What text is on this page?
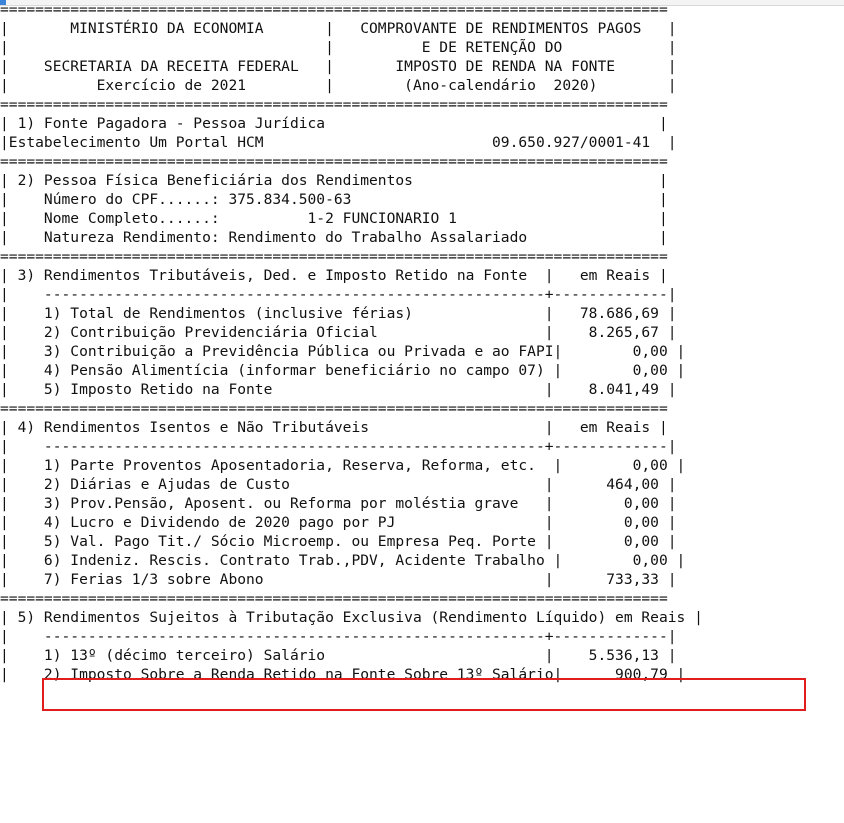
============================================================================
|       MINISTÉRIO DA ECONOMIA       |   COMPROVANTE DE RENDIMENTOS PAGOS   |
|                                    |          E DE RETENÇÃO DO            |
|    SECRETARIA DA RECEITA FEDERAL   |       IMPOSTO DE RENDA NA FONTE      |
|          Exercício de 2021         |        (Ano-calendário  2020)        |
============================================================================
| 1) Fonte Pagadora - Pessoa Jurídica                                      |
|Estabelecimento Um Portal HCM                          09.650.927/0001-41  |
============================================================================
| 2) Pessoa Física Beneficiária dos Rendimentos                            |
|    Número do CPF......: 375.834.500-63                                   |
|    Nome Completo......:          1-2 FUNCIONARIO 1                       |
|    Natureza Rendimento: Rendimento do Trabalho Assalariado               |
============================================================================
| 3) Rendimentos Tributáveis, Ded. e Imposto Retido na Fonte  |   em Reais |
|    ---------------------------------------------------------+-------------|
|    1) Total de Rendimentos (inclusive férias)               |   78.686,69 |
|    2) Contribuição Previdenciária Oficial                   |    8.265,67 |
|    3) Contribuição a Previdência Pública ou Privada e ao FAPI|        0,00 |
|    4) Pensão Alimentícia (informar beneficiário no campo 07) |        0,00 |
|    5) Imposto Retido na Fonte                               |    8.041,49 |
============================================================================
| 4) Rendimentos Isentos e Não Tributáveis                    |   em Reais |
|    ---------------------------------------------------------+-------------|
|    1) Parte Proventos Aposentadoria, Reserva, Reforma, etc.  |        0,00 |
|    2) Diárias e Ajudas de Custo                             |      464,00 |
|    3) Prov.Pensão, Aposent. ou Reforma por moléstia grave   |        0,00 |
|    4) Lucro e Dividendo de 2020 pago por PJ                 |        0,00 |
|    5) Val. Pago Tit./ Sócio Microemp. ou Empresa Peq. Porte |        0,00 |
|    6) Indeniz. Rescis. Contrato Trab.,PDV, Acidente Trabalho |        0,00 |
|    7) Ferias 1/3 sobre Abono                                |      733,33 |
============================================================================
| 5) Rendimentos Sujeitos à Tributação Exclusiva (Rendimento Líquido) em Reais |
|    ---------------------------------------------------------+-------------|
|    1) 13º (décimo terceiro) Salário                         |    5.536,13 |
|    2) Imposto Sobre a Renda Retido na Fonte Sobre 13º Salário|      900,79 |
